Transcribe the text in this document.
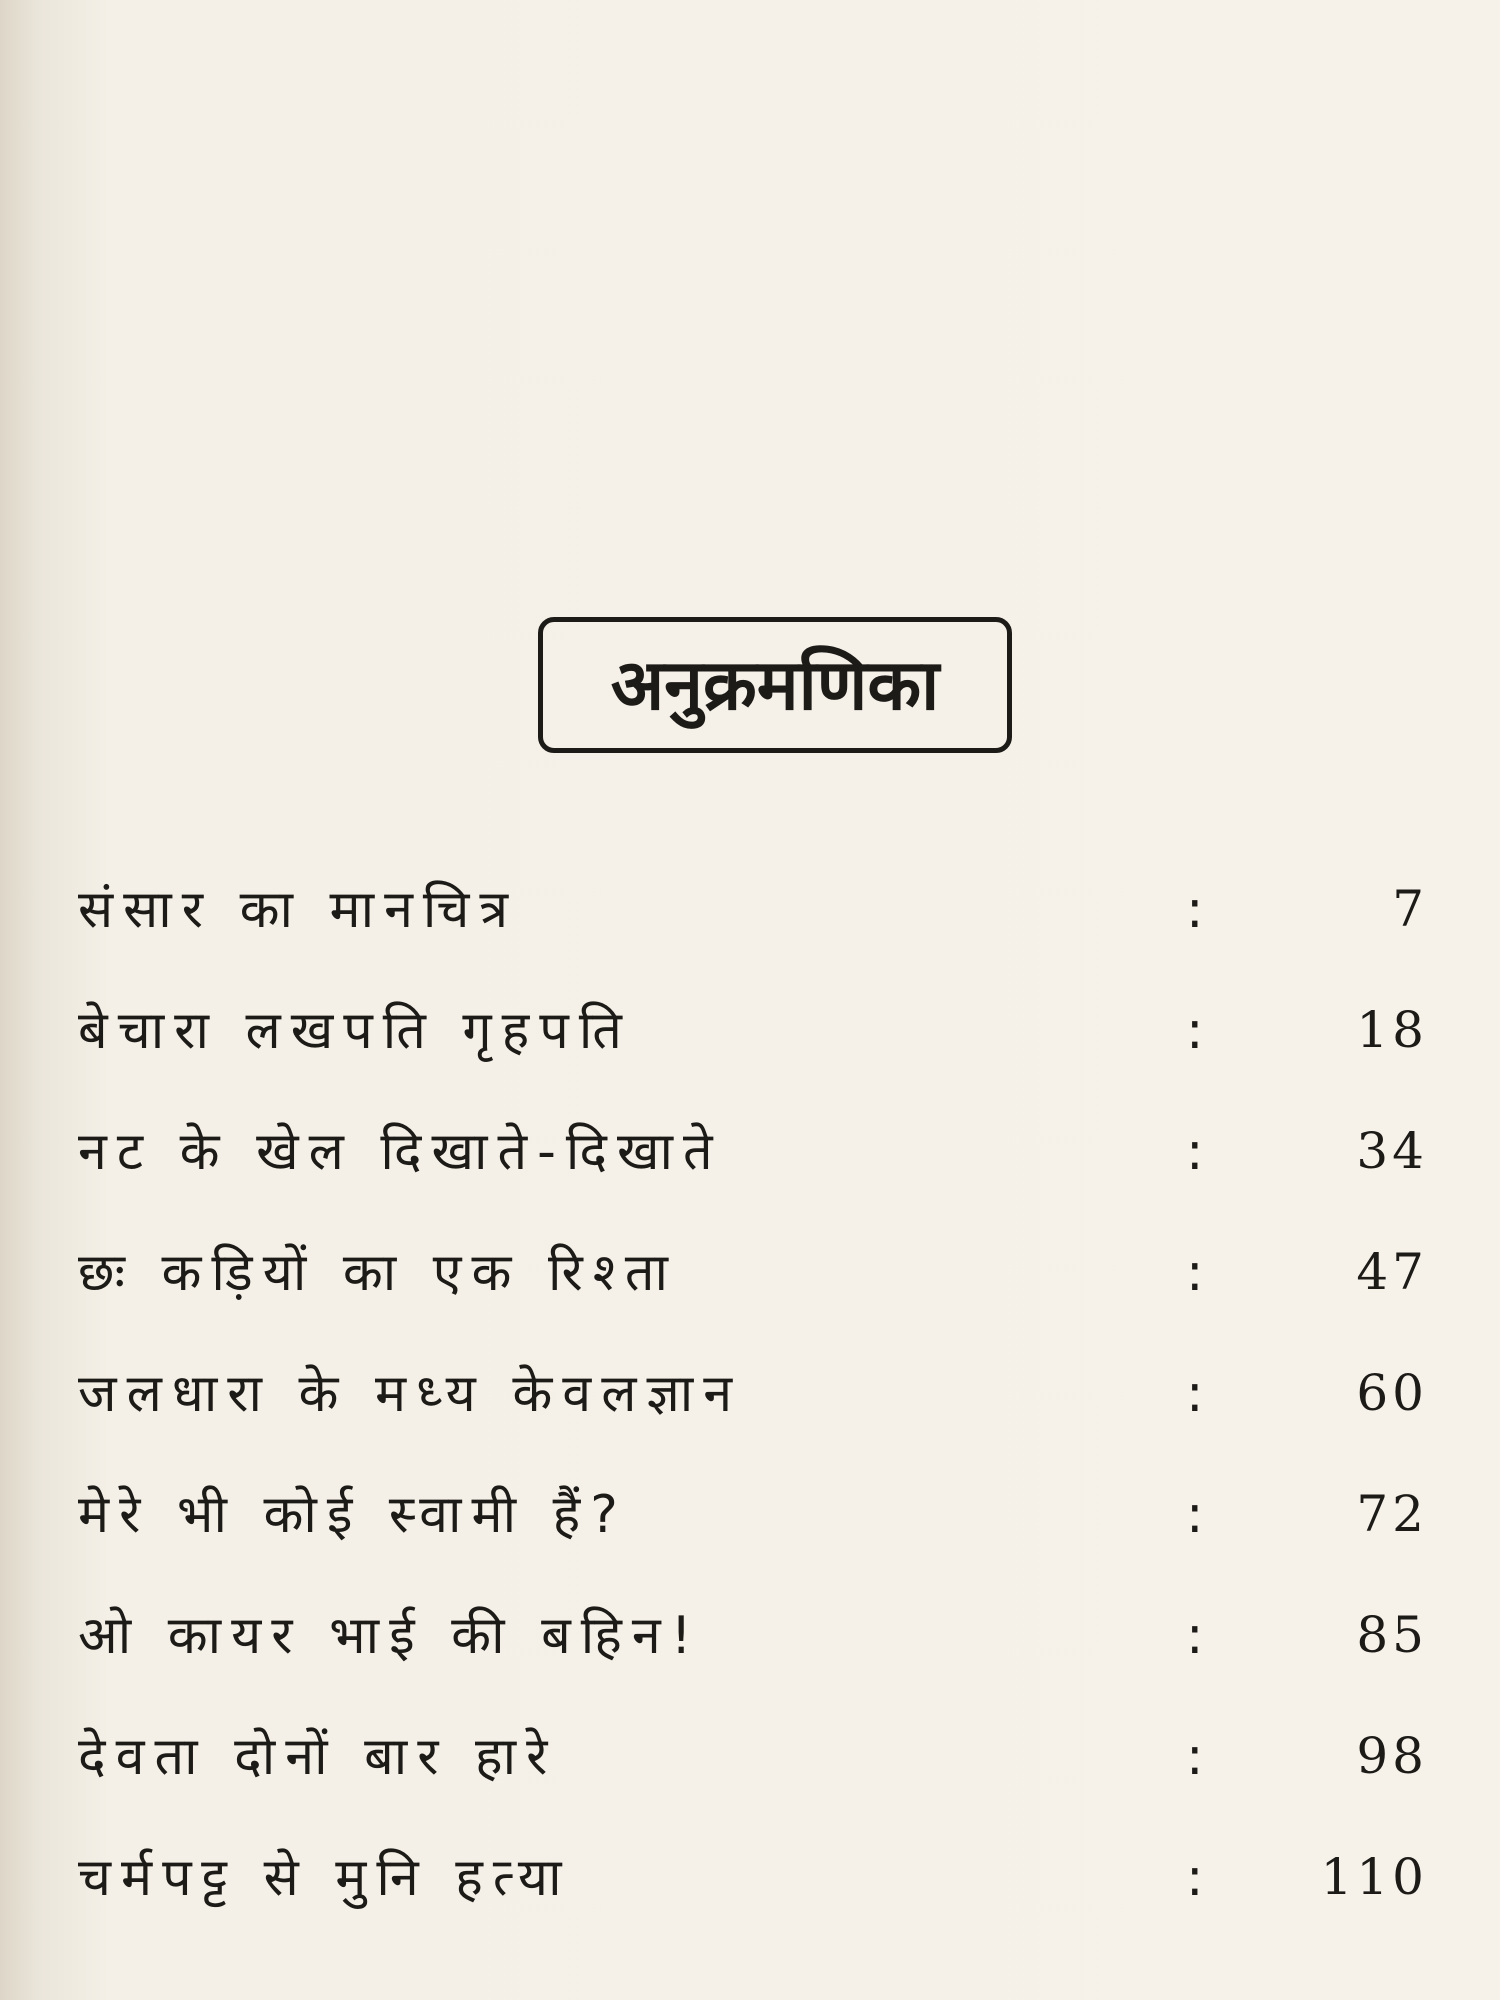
अनुक्रमणिका
संसार का मानचित्र	:	7
बेचारा लखपति गृहपति	:	18
नट के खेल दिखाते-दिखाते	:	34
छः कड़ियों का एक रिश्ता	:	47
जलधारा के मध्य केवलज्ञान	:	60
मेरे भी कोई स्वामी हैं?	:	72
ओ कायर भाई की बहिन!	:	85
देवता दोनों बार हारे	:	98
चर्मपट्ट से मुनि हत्या	: 110
